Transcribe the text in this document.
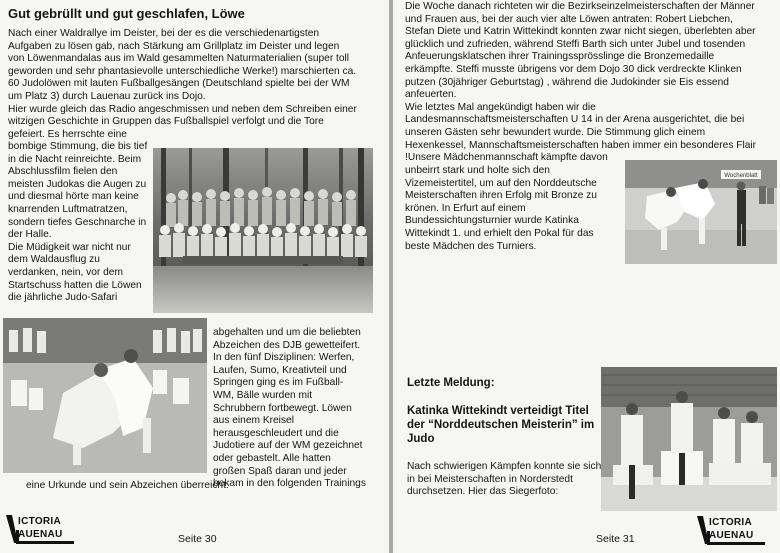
Gut gebrüllt und gut geschlafen, Löwe
Nach einer Waldrallye im Deister, bei der es die verschiedenartigsten
Aufgaben zu lösen gab, nach Stärkung am Grillplatz im Deister und legen
von Löwenmandalas aus im Wald gesammelten Naturmaterialien (super toll
geworden und sehr phantasievolle unterschiedliche Werke!) marschierten ca.
60 Judolöwen mit lauten Fußballgesängen (Deutschland spielte bei der WM
um Platz 3) durch Lauenau zurück ins Dojo.
Hier wurde gleich das Radio angeschmissen und neben dem Schreiben einer
witzigen Geschichte in Gruppen das Fußballspiel verfolgt und die Tore
gefeiert. Es herrschte eine
bombige Stimmung, die bis tief
in die Nacht reinreichte. Beim
Abschlussfilm fielen den
meisten Judokas die Augen zu
und diesmal hörte man keine
knarrenden Luftmatratzen,
sondern tiefes Geschnarche in
der Halle.
Die Müdigkeit war nicht nur
dem Waldausflug zu
verdanken, nein, vor dem
Startschuss hatten die Löwen
die jährliche Judo-Safari
abgehalten und um die beliebten
Abzeichen des DJB gewetteifert.
In den fünf Disziplinen: Werfen,
Laufen, Sumo, Kreativteil und
Springen ging es im Fußball-
WM, Bälle wurden mit
Schrubbern fortbewegt. Löwen
aus einem Kreisel
herausgeschleudert und die
Judotiere auf der WM gezeichnet
oder gebastelt. Alle hatten
großen Spaß daran und jeder
bekam in den folgenden Trainings
eine Urkunde und sein Abzeichen überreicht.
ICTORIA
AUENAU	Seite 30
Die Woche danach richteten wir die Bezirkseinzelmeisterschaften der Männer
und Frauen aus, bei der auch vier alte Löwen antraten: Robert Liebchen,
Stefan Diete und Katrin Wittekindt konnten zwar nicht siegen, überlebten aber
glücklich und zufrieden, während Steffi Barth sich unter Jubel und tosenden
Anfeuerungsklatschen ihrer Trainingssprösslinge die Bronzemedaille
erkämpfte. Steffi musste übrigens vor dem Dojo 30 dick verdreckte Klinken
putzen (30jähriger Geburtstag) , während die Judokinder sie Eis essend
anfeuerten.
Wie letztes Mal angekündigt haben wir die
Landesmannschaftsmeisterschaften U 14 in der Arena ausgerichtet, die bei
unseren Gästen sehr bewundert wurde. Die Stimmung glich einem
Hexenkessel, Mannschaftsmeisterschaften haben immer ein besonderes Flair
!Unsere Mädchenmannschaft kämpfte davon
unbeirrt stark und holte sich den
Vizemeistertitel, um auf den Norddeutsche
Meisterschaften ihren Erfolg mit Bronze zu
krönen. In Erfurt auf einem
Bundessichtungsturnier wurde Katinka
Wittekindt 1. und erhielt den Pokal für das
beste Mädchen des Turniers.
Wochenblatt
Letzte Meldung:
Katinka Wittekindt verteidigt Titel
der “Norddeutschen Meisterin” im
Judo
Nach schwierigen Kämpfen konnte sie sich
in bei Meisterschaften in Norderstedt
durchsetzen. Hier das Siegerfoto:
Seite 31
ICTORIA
AUENAU
